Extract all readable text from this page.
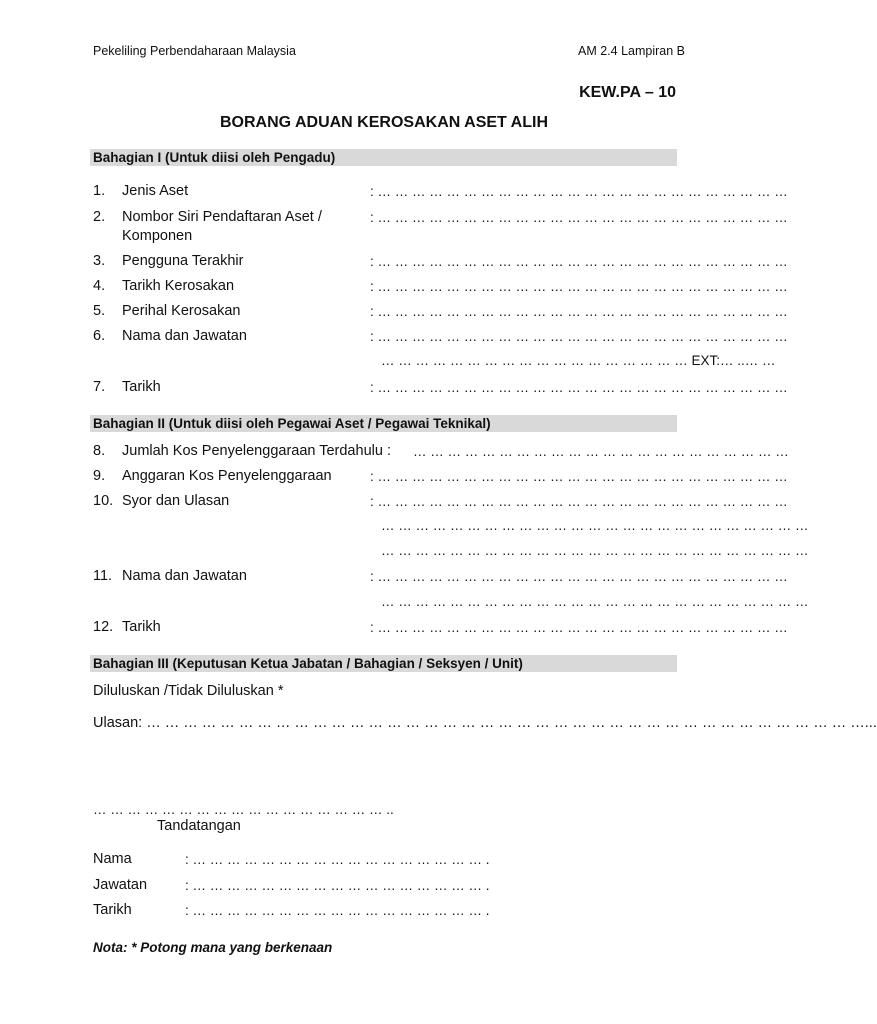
Pekeliling Perbendaharaan Malaysia	AM 2.4 Lampiran B
KEW.PA – 10
BORANG ADUAN KEROSAKAN ASET ALIH
Bahagian I (Untuk diisi oleh Pengadu)
1. Jenis Aset	: … … … … … … … … … … … … … … … … … … … … … … … …
2. Nombor Siri Pendaftaran Aset / Komponen
: … … … … … … … … … … … … … … … … … … … … … … … …
3. Pengguna Terakhir	: … … … … … … … … … … … … … … … … … … … … … … … …
4. Tarikh Kerosakan	: … … … … … … … … … … … … … … … … … … … … … … … …
5. Perihal Kerosakan	: … … … … … … … … … … … … … … … … … … … … … … … …
6. Nama dan Jawatan	: … … … … … … … … … … … … … … … … … … … … … … … …
… … … … … … … … … … … … … … … … … … EXT:… ..… …
7. Tarikh	: … … … … … … … … … … … … … … … … … … … … … … … …
Bahagian II (Untuk diisi oleh Pegawai Aset / Pegawai Teknikal)
8. Jumlah Kos Penyelenggaraan Terdahulu : … … … … … … … … … … … … … … … … … … … … … …
9. Anggaran Kos Penyelenggaraan	: … … … … … … … … … … … … … … … … … … … … … … … …
10. Syor dan Ulasan	: … … … … … … … … … … … … … … … … … … … … … … … …
… … … … … … … … … … … … … … … … … … … … … … … … …
… … … … … … … … … … … … … … … … … … … … … … … … …
11. Nama dan Jawatan	: … … … … … … … … … … … … … … … … … … … … … … … …
… … … … … … … … … … … … … … … … … … … … … … … … …
12. Tarikh	: … … … … … … … … … … … … … … … … … … … … … … … …
Bahagian III (Keputusan Ketua Jabatan / Bahagian / Seksyen / Unit)
Diluluskan /Tidak Diluluskan *
Ulasan: … … … … … … … … … … … … … … … … … … … … … … … … … … … … … … … … … … … … … … …...
… … … … … … … … … … … … … … … … … ..
Tandatangan
Nama	: … … … … … … … … … … … … … … … … … .
Jawatan	: … … … … … … … … … … … … … … … … … .
Tarikh	: … … … … … … … … … … … … … … … … … .
Nota: * Potong mana yang berkenaan
